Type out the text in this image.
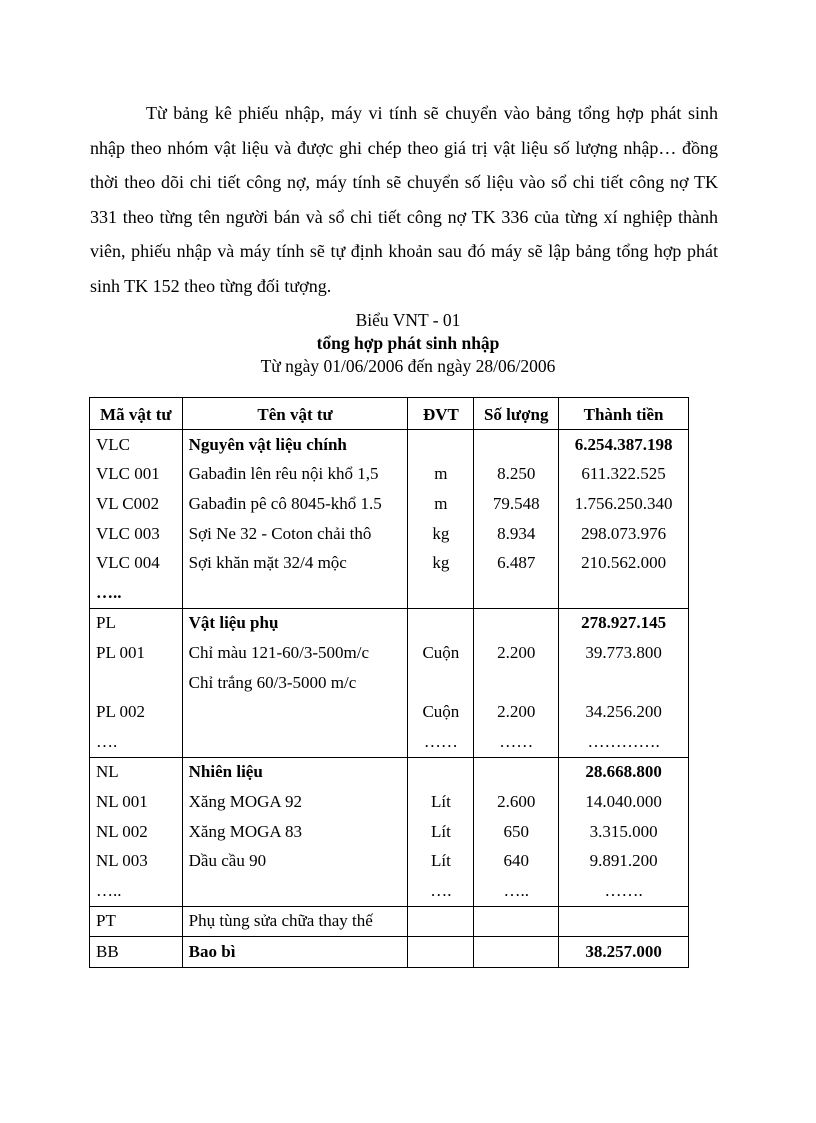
Từ bảng kê phiếu nhập, máy vi tính sẽ chuyển vào bảng tổng hợp phát sinh nhập theo nhóm vật liệu và được ghi chép theo giá trị vật liệu số lượng nhập… đồng thời theo dõi chi tiết công nợ, máy tính sẽ chuyển số liệu vào sổ chi tiết công nợ TK 331 theo từng tên người bán và sổ chi tiết công nợ TK 336 của từng xí nghiệp thành viên, phiếu nhập và máy tính sẽ tự định khoản sau đó máy sẽ lập bảng tổng hợp phát sinh TK 152 theo từng đối tượng.

Biểu VNT - 01
tổng hợp phát sinh nhập
Từ ngày 01/06/2006 đến ngày 28/06/2006
Mã vật tư	Tên vật tư	ĐVT	Số lượng	Thành tiền
VLC	Nguyên vật liệu chính			6.254.387.198
VLC 001	Gabađin lên rêu nội khổ 1,5	m	8.250	611.322.525
VL C002	Gabađin pê cô 8045-khổ 1.5	m	79.548	1.756.250.340
VLC 003	Sợi Ne 32 - Coton chải thô	kg	8.934	298.073.976
VLC 004	Sợi khăn mặt 32/4 mộc	kg	6.487	210.562.000
…..				
PL	Vật liệu phụ			278.927.145
PL 001	Chỉ màu 121-60/3-500m/c	Cuộn	2.200	39.773.800
	Chỉ trắng 60/3-5000 m/c			
PL 002		Cuộn	2.200	34.256.200
….		……	……	………….
NL	Nhiên liệu			28.668.800
NL 001	Xăng MOGA 92	Lít	2.600	14.040.000
NL 002	Xăng MOGA 83	Lít	650	3.315.000
NL 003	Dầu cầu 90	Lít	640	9.891.200
…..		….	…..	…….
PT	Phụ tùng sửa chữa thay thế			
BB	Bao bì			38.257.000
